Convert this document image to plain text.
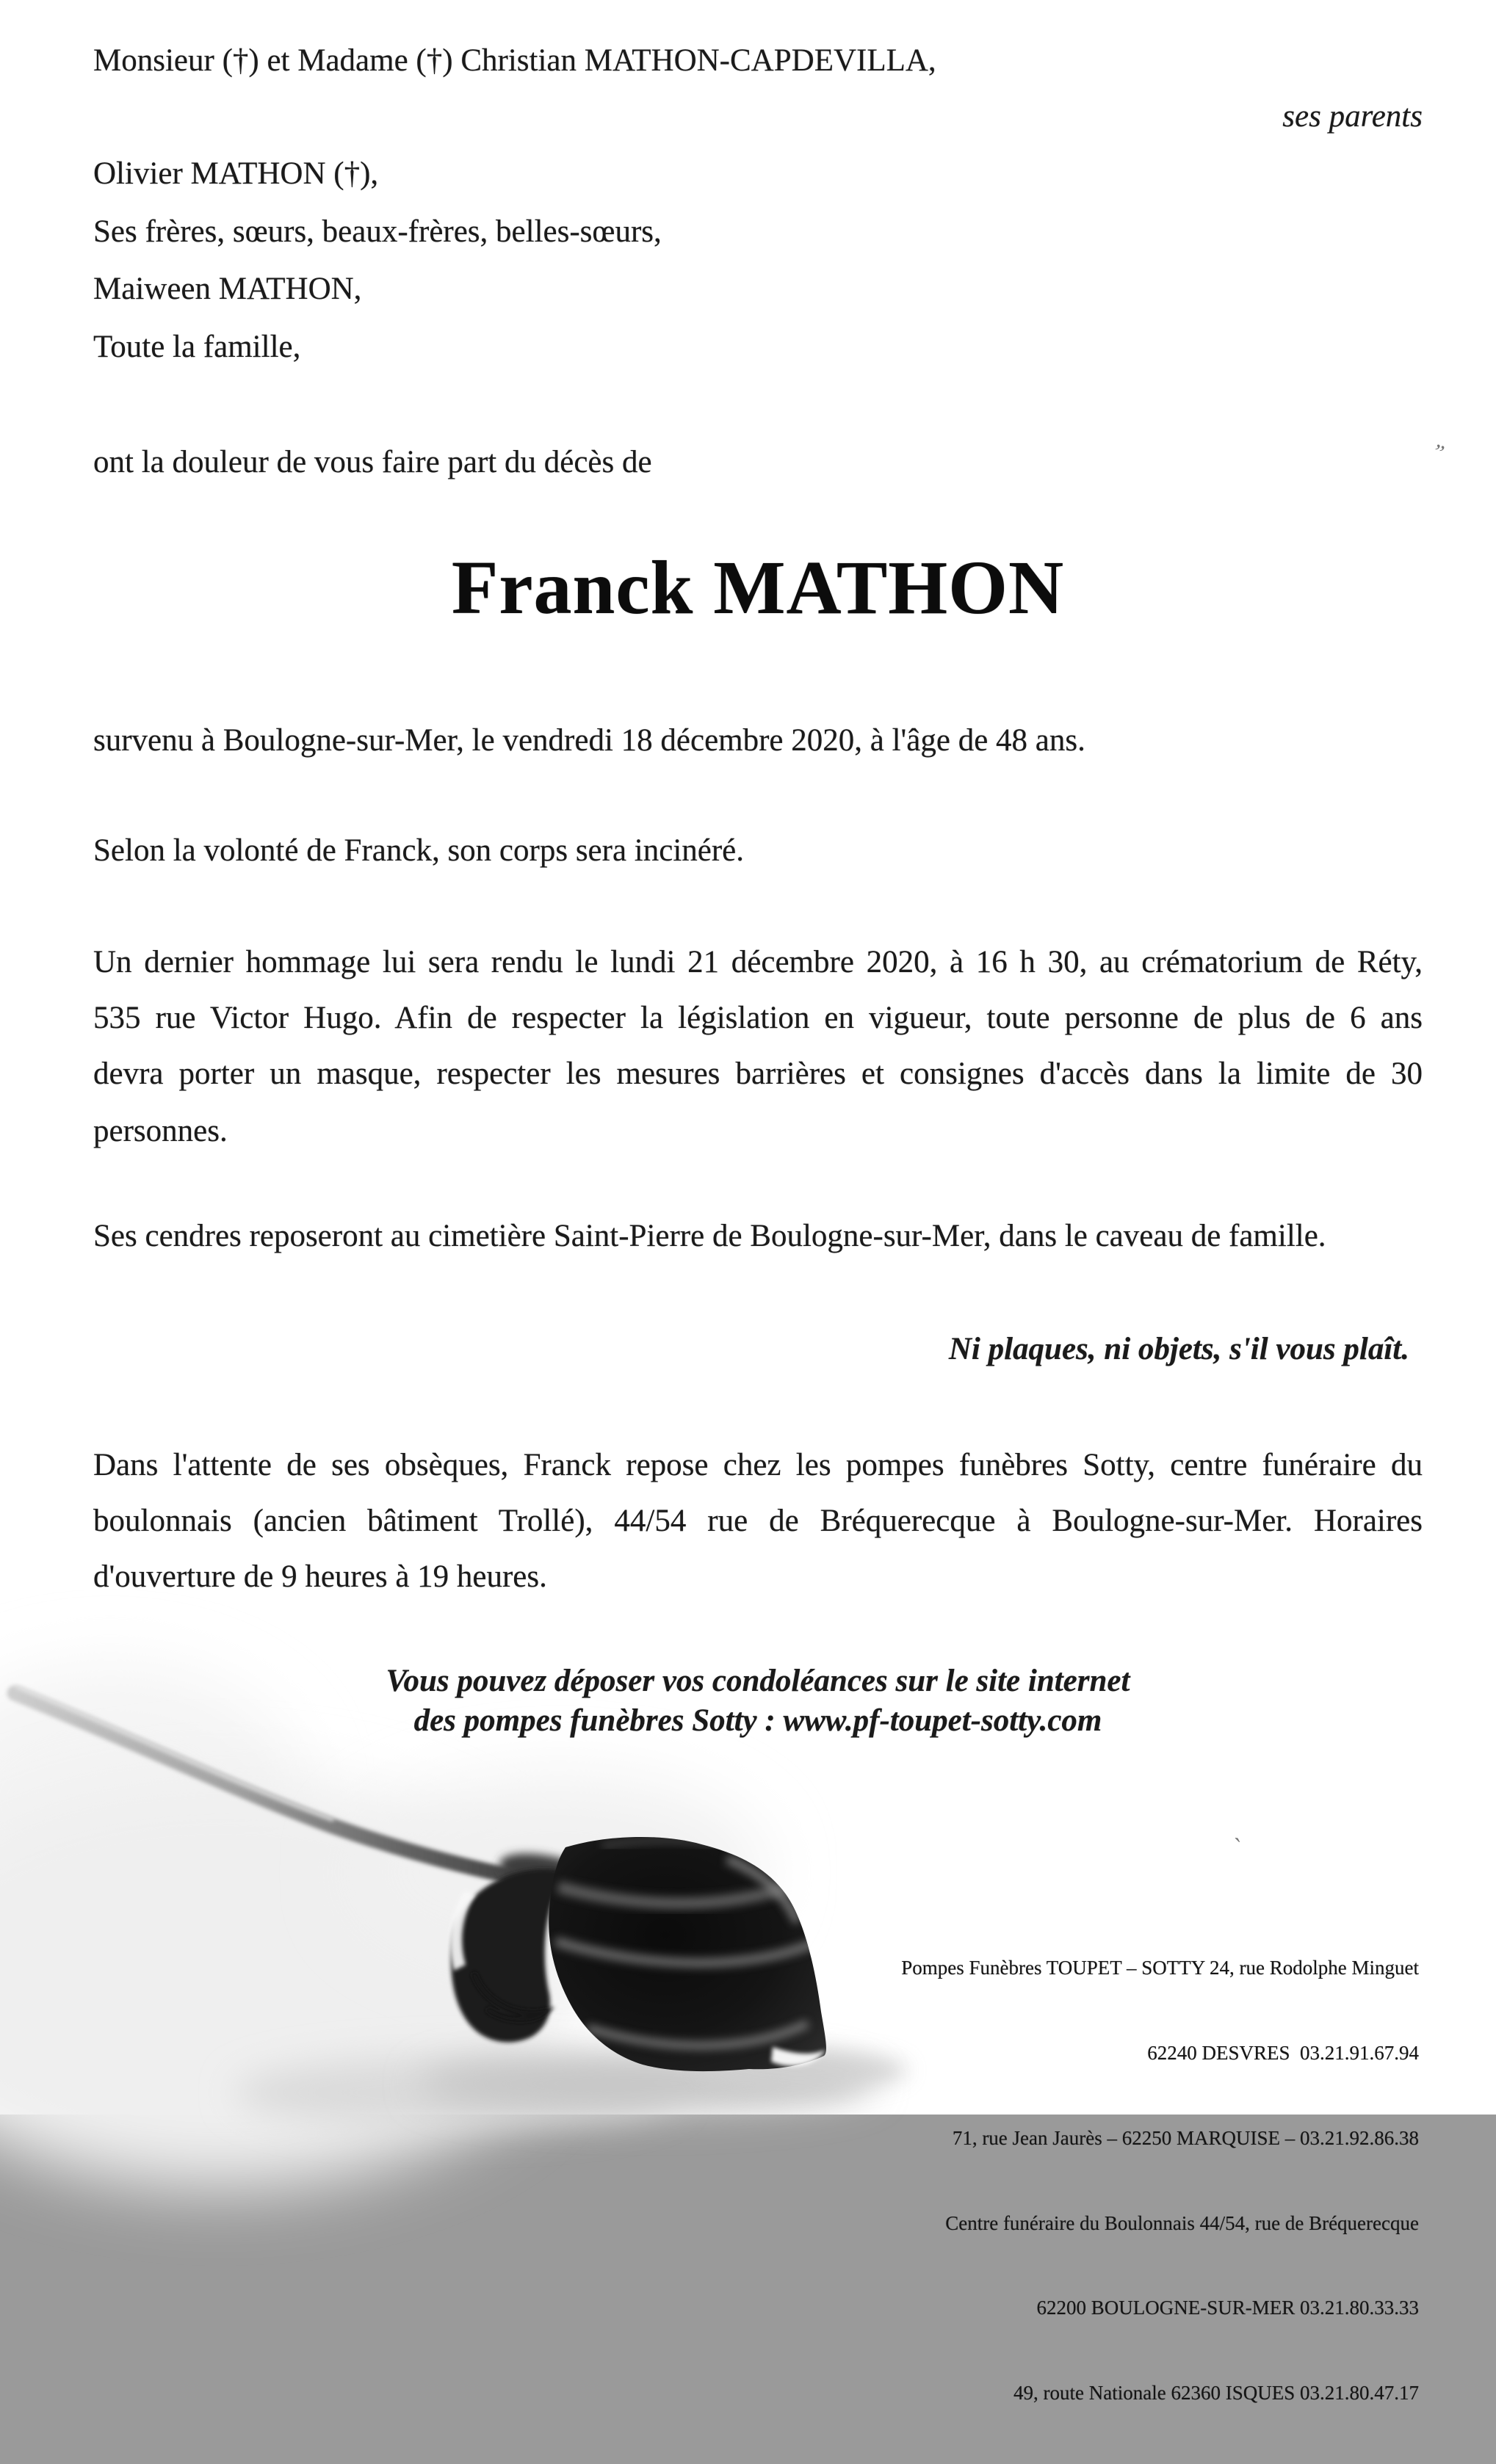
Monsieur (†) et Madame (†) Christian MATHON-CAPDEVILLA,
ses parents
Olivier MATHON (†),
Ses frères, sœurs, beaux-frères, belles-sœurs,
Maiween MATHON,
Toute la famille,
ont la douleur de vous faire part du décès de
Franck MATHON
survenu à Boulogne-sur-Mer, le vendredi 18 décembre 2020, à l'âge de 48 ans.
Selon la volonté de Franck, son corps sera incinéré.
Un dernier hommage lui sera rendu le lundi 21 décembre 2020, à 16 h 30, au crématorium de Réty,
535 rue Victor Hugo. Afin de respecter la législation en vigueur, toute personne de plus de 6 ans
devra porter un masque, respecter les mesures barrières et consignes d'accès dans la limite de 30
personnes.
Ses cendres reposeront au cimetière Saint-Pierre de Boulogne-sur-Mer, dans le caveau de famille.
Ni plaques, ni objets, s'il vous plaît.
Dans l'attente de ses obsèques, Franck repose chez les pompes funèbres Sotty, centre funéraire du
boulonnais (ancien bâtiment Trollé), 44/54 rue de Bréquerecque à Boulogne-sur-Mer. Horaires
d'ouverture de 9 heures à 19 heures.
Vous pouvez déposer vos condoléances sur le site internet
des pompes funèbres Sotty : www.pf-toupet-sotty.com

Pompes Funèbres TOUPET – SOTTY 24, rue Rodolphe Minguet

62240 DESVRES  03.21.91.67.94

71, rue Jean Jaurès – 62250 MARQUISE – 03.21.92.86.38

Centre funéraire du Boulonnais 44/54, rue de Bréquerecque

62200 BOULOGNE-SUR-MER 03.21.80.33.33

49, route Nationale 62360 ISQUES 03.21.80.47.17

”
`
